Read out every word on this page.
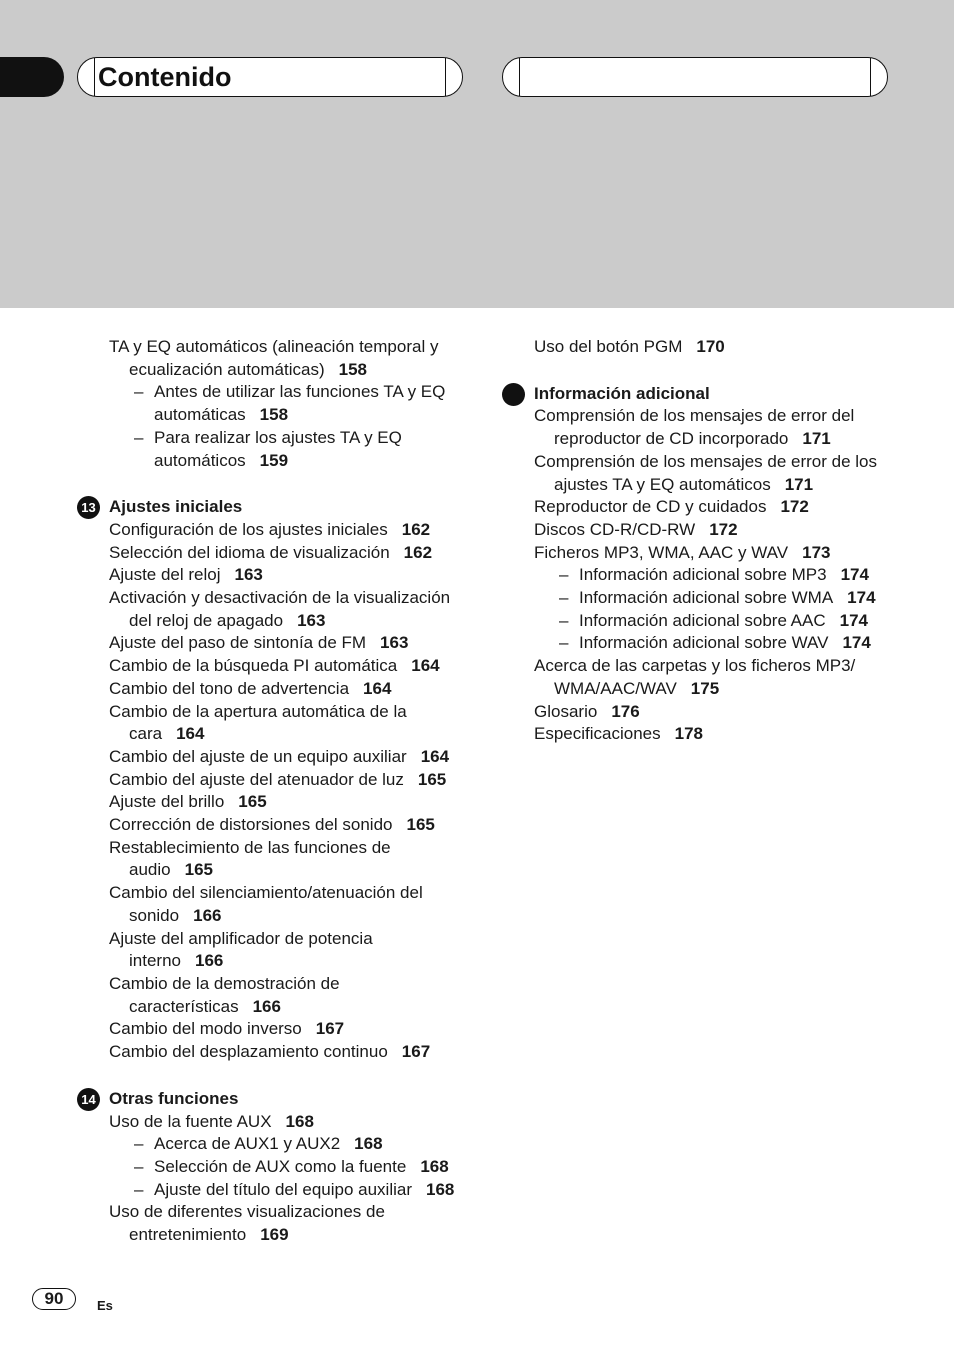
Contenido
TA y EQ automáticos (alineación temporal y ecualización automáticas) 158
– Antes de utilizar las funciones TA y EQ automáticas 158
– Para realizar los ajustes TA y EQ automáticos 159
13 Ajustes iniciales
Configuración de los ajustes iniciales 162
Selección del idioma de visualización 162
Ajuste del reloj 163
Activación y desactivación de la visualización del reloj de apagado 163
Ajuste del paso de sintonía de FM 163
Cambio de la búsqueda PI automática 164
Cambio del tono de advertencia 164
Cambio de la apertura automática de la cara 164
Cambio del ajuste de un equipo auxiliar 164
Cambio del ajuste del atenuador de luz 165
Ajuste del brillo 165
Corrección de distorsiones del sonido 165
Restablecimiento de las funciones de audio 165
Cambio del silenciamiento/atenuación del sonido 166
Ajuste del amplificador de potencia interno 166
Cambio de la demostración de características 166
Cambio del modo inverso 167
Cambio del desplazamiento continuo 167
14 Otras funciones
Uso de la fuente AUX 168
– Acerca de AUX1 y AUX2 168
– Selección de AUX como la fuente 168
– Ajuste del título del equipo auxiliar 168
Uso de diferentes visualizaciones de entretenimiento 169
Uso del botón PGM 170
Información adicional
Comprensión de los mensajes de error del reproductor de CD incorporado 171
Comprensión de los mensajes de error de los ajustes TA y EQ automáticos 171
Reproductor de CD y cuidados 172
Discos CD-R/CD-RW 172
Ficheros MP3, WMA, AAC y WAV 173
– Información adicional sobre MP3 174
– Información adicional sobre WMA 174
– Información adicional sobre AAC 174
– Información adicional sobre WAV 174
Acerca de las carpetas y los ficheros MP3/ WMA/AAC/WAV 175
Glosario 176
Especificaciones 178
90	Es
